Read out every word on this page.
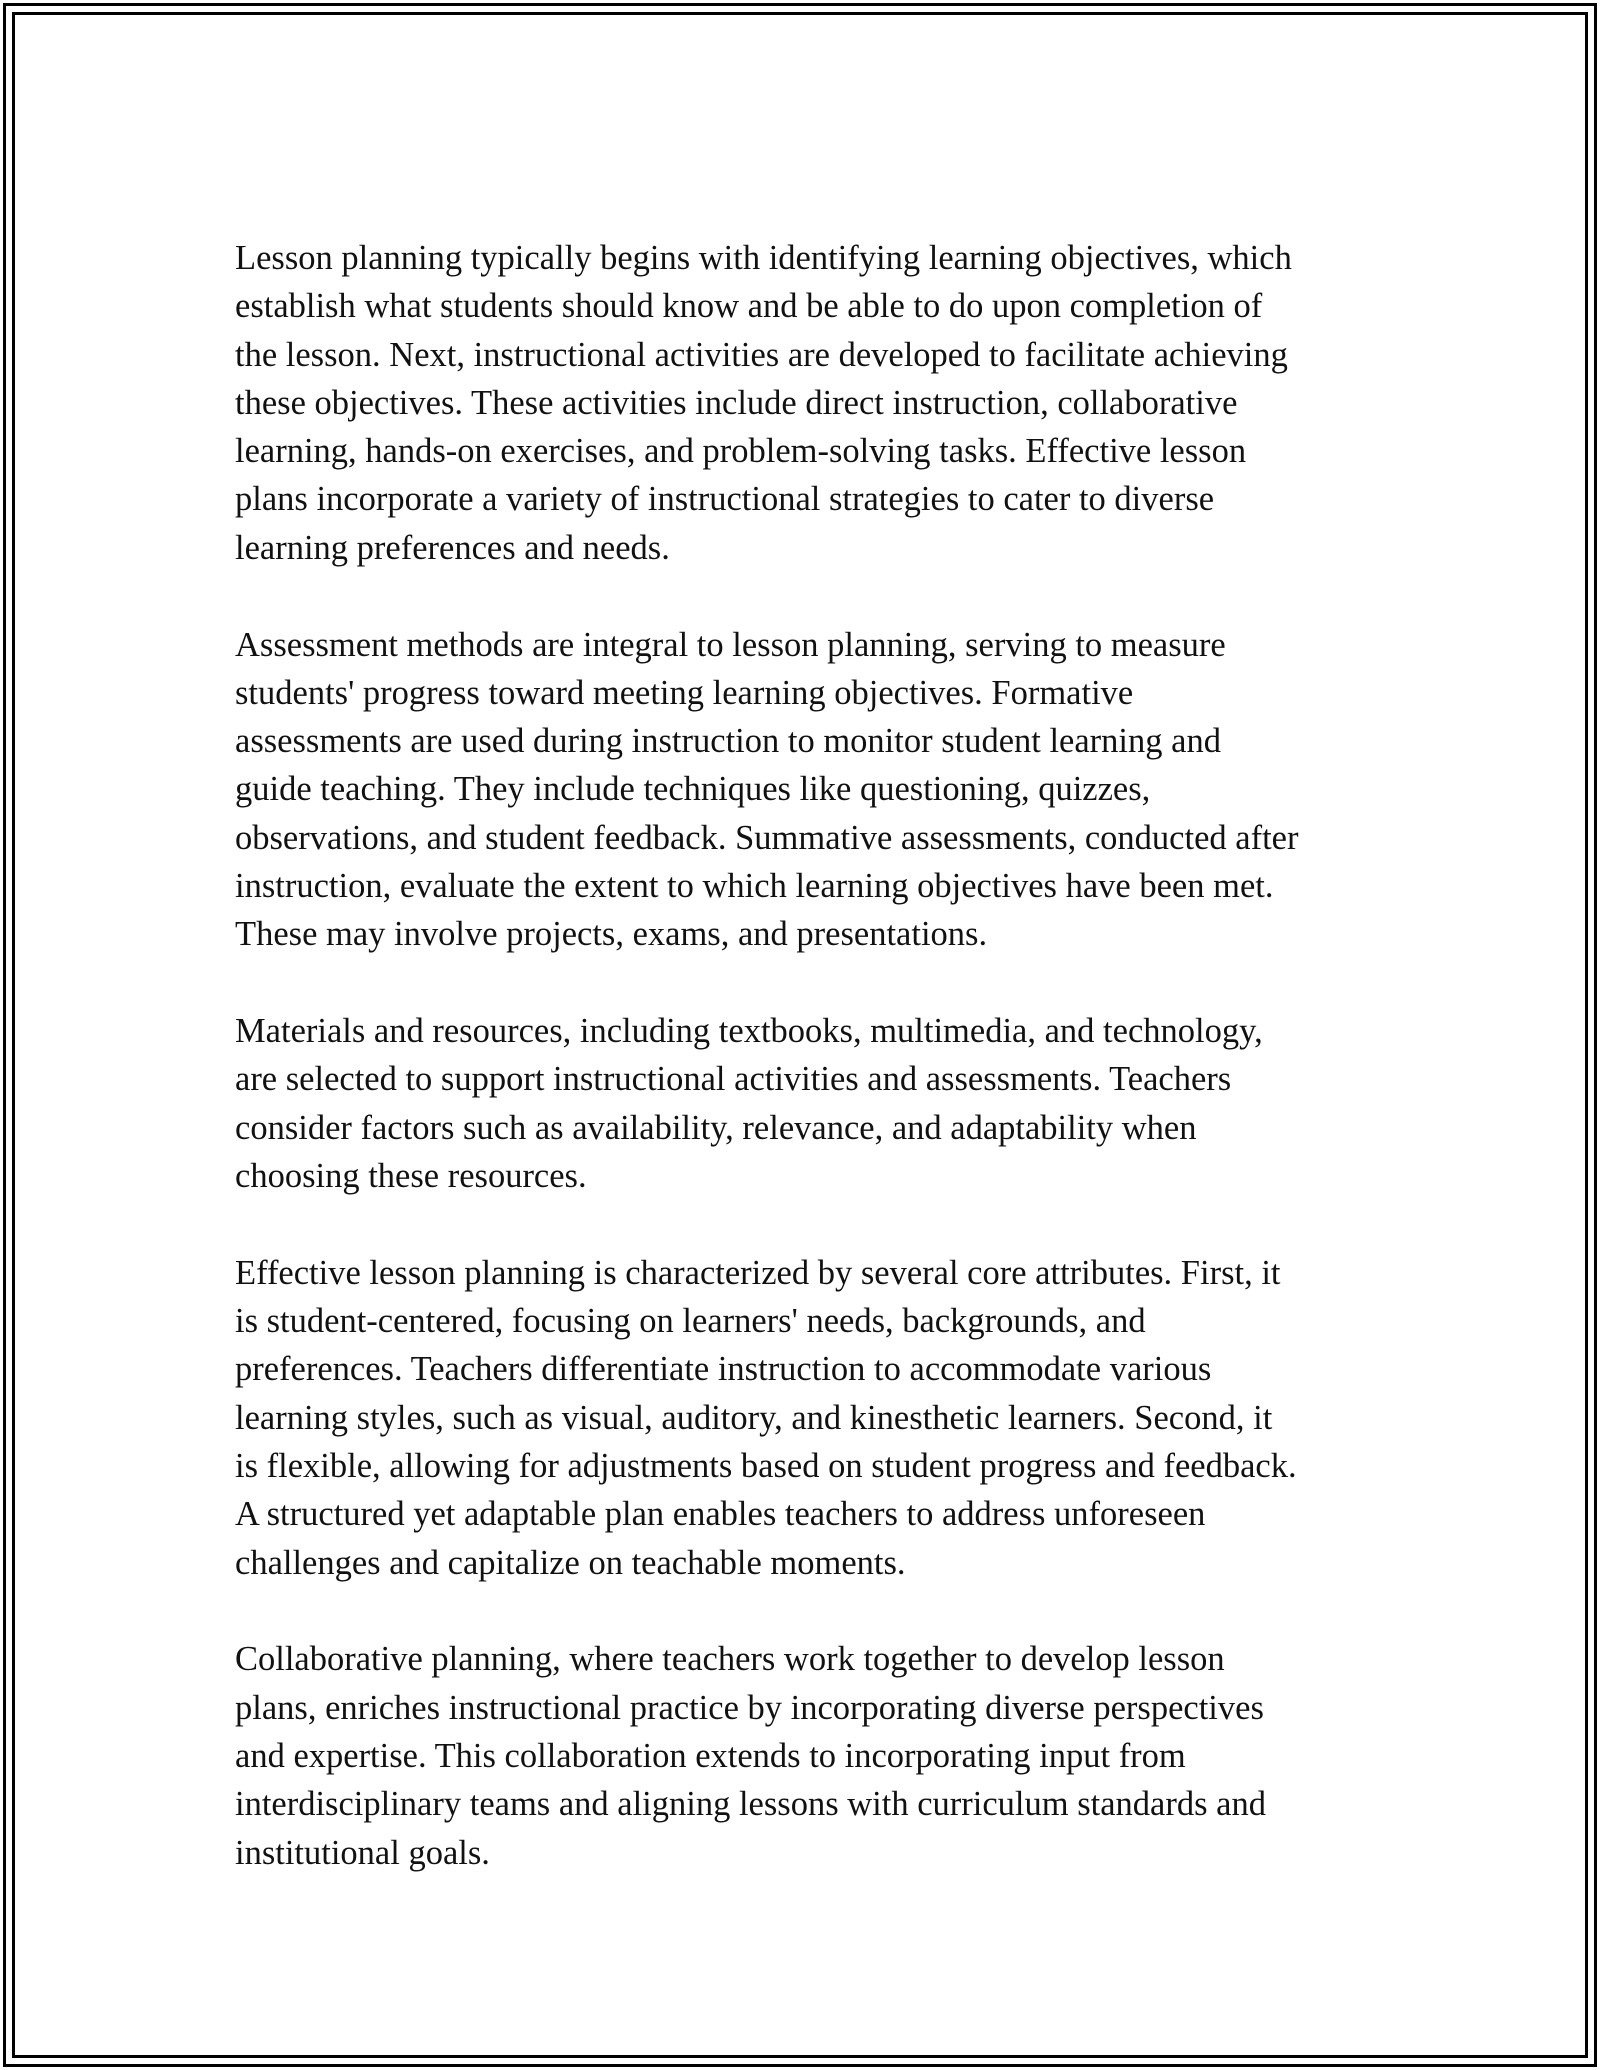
Lesson planning typically begins with identifying learning objectives, which
establish what students should know and be able to do upon completion of
the lesson. Next, instructional activities are developed to facilitate achieving
these objectives. These activities include direct instruction, collaborative
learning, hands-on exercises, and problem-solving tasks. Effective lesson
plans incorporate a variety of instructional strategies to cater to diverse
learning preferences and needs.

Assessment methods are integral to lesson planning, serving to measure
students' progress toward meeting learning objectives. Formative
assessments are used during instruction to monitor student learning and
guide teaching. They include techniques like questioning, quizzes,
observations, and student feedback. Summative assessments, conducted after
instruction, evaluate the extent to which learning objectives have been met.
These may involve projects, exams, and presentations.

Materials and resources, including textbooks, multimedia, and technology,
are selected to support instructional activities and assessments. Teachers
consider factors such as availability, relevance, and adaptability when
choosing these resources.

Effective lesson planning is characterized by several core attributes. First, it
is student-centered, focusing on learners' needs, backgrounds, and
preferences. Teachers differentiate instruction to accommodate various
learning styles, such as visual, auditory, and kinesthetic learners. Second, it
is flexible, allowing for adjustments based on student progress and feedback.
A structured yet adaptable plan enables teachers to address unforeseen
challenges and capitalize on teachable moments.

Collaborative planning, where teachers work together to develop lesson
plans, enriches instructional practice by incorporating diverse perspectives
and expertise. This collaboration extends to incorporating input from
interdisciplinary teams and aligning lessons with curriculum standards and
institutional goals.
